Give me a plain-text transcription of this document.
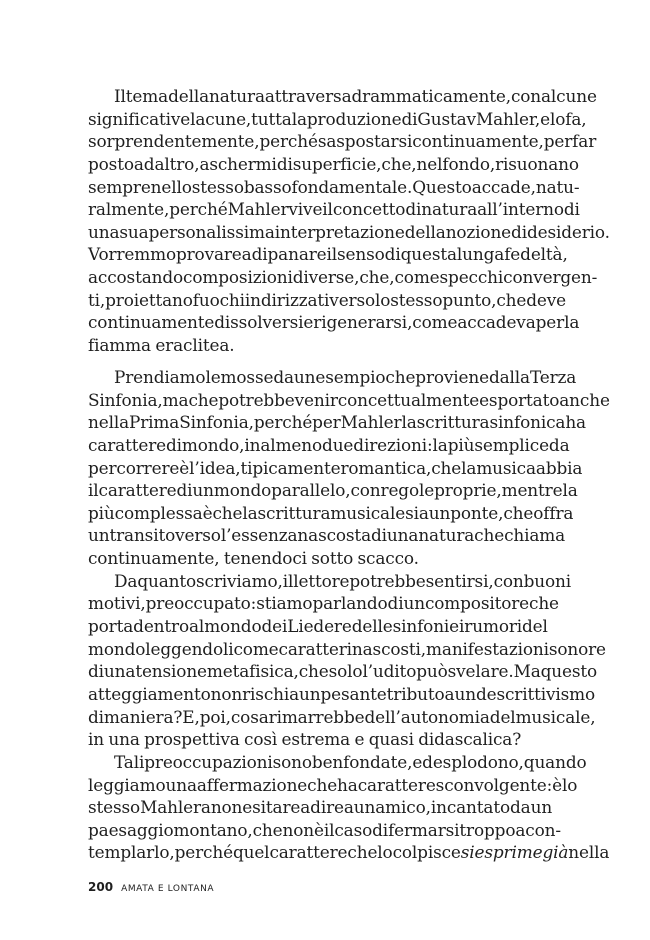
Il tema della natura attraversa drammaticamente, con alcune
significative lacune, tutta la produzione di Gustav Mahler, e lo fa,
sorprendentemente, perché sa spostarsi continuamente, per far
posto ad altro, a schermi di superficie, che, nel fondo, risuonano
sempre nello stesso basso fondamentale. Questo accade, natu-
ralmente, perché Mahler vive il concetto di natura all’interno di
una sua personalissima interpretazione della nozione di desiderio.
Vorremmo provare a dipanare il senso di questa lunga fedeltà,
accostando composizioni diverse, che, come specchi convergen-
ti, proiettano fuochi indirizzati verso lo stesso punto, che deve
continuamente dissolversi e rigenerarsi, come accadeva per la
fiamma eraclitea.
Prendiamo le mosse da un esempio che proviene dalla Terza
Sinfonia, ma che potrebbe venir concettualmente esportato anche
nella Prima Sinfonia, perché per Mahler la scrittura sinfonica ha
carattere di mondo, in almeno due direzioni: la più semplice da
percorrere è l’idea, tipicamente romantica, che la musica abbia
il carattere di un mondo parallelo, con regole proprie, mentre la
più complessa è che la scrittura musicale sia un ponte, che offra
un transito verso l’essenza nascosta di una natura che chiama
continuamente, tenendoci sotto scacco.
Da quanto scriviamo, il lettore potrebbe sentirsi, con buoni
motivi, preoccupato: stiamo parlando di un compositore che
porta dentro al mondo dei Lieder e delle sinfonie i rumori del
mondo leggendoli come caratteri nascosti, manifestazioni sonore
di una tensione metafisica, che solo l’udito può svelare. Ma questo
atteggiamento non rischia un pesante tributo a un descrittivismo
di maniera? E, poi, cosa rimarrebbe dell’autonomia del musicale,
in una prospettiva così estrema e quasi didascalica?
Tali preoccupazioni sono ben fondate, ed esplodono, quando
leggiamo una affermazione che ha carattere sconvolgente: è lo
stesso Mahler a non esitare a dire a un amico, incantato da un
paesaggio montano, che non è il caso di fermarsi troppo a con-
templarlo, perché quel carattere che lo colpisce si esprime già nella
200 AMATA E LONTANA
